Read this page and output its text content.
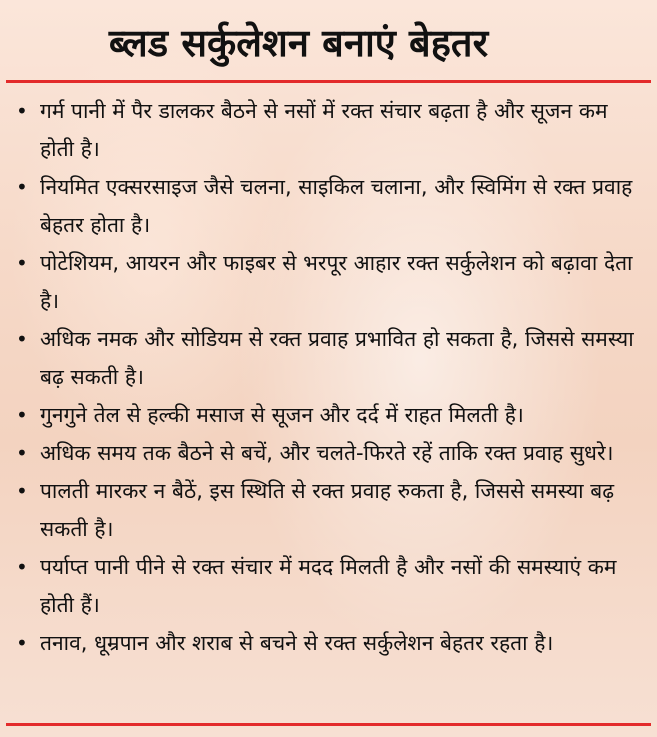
ब्लड सर्कुलेशन बनाएं बेहतर
• गर्म पानी में पैर डालकर बैठने से नसों में रक्त संचार बढ़ता है और सूजन कम होती है।
• नियमित एक्सरसाइज जैसे चलना, साइकिल चलाना, और स्विमिंग से रक्त प्रवाह बेहतर होता है।
• पोटेशियम, आयरन और फाइबर से भरपूर आहार रक्त सर्कुलेशन को बढ़ावा देता है।
• अधिक नमक और सोडियम से रक्त प्रवाह प्रभावित हो सकता है, जिससे समस्या बढ़ सकती है।
• गुनगुने तेल से हल्की मसाज से सूजन और दर्द में राहत मिलती है।
• अधिक समय तक बैठने से बचें, और चलते-फिरते रहें ताकि रक्त प्रवाह सुधरे।
• पालती मारकर न बैठें, इस स्थिति से रक्त प्रवाह रुकता है, जिससे समस्या बढ़ सकती है।
• पर्याप्त पानी पीने से रक्त संचार में मदद मिलती है और नसों की समस्याएं कम होती हैं।
• तनाव, धूम्रपान और शराब से बचने से रक्त सर्कुलेशन बेहतर रहता है।
